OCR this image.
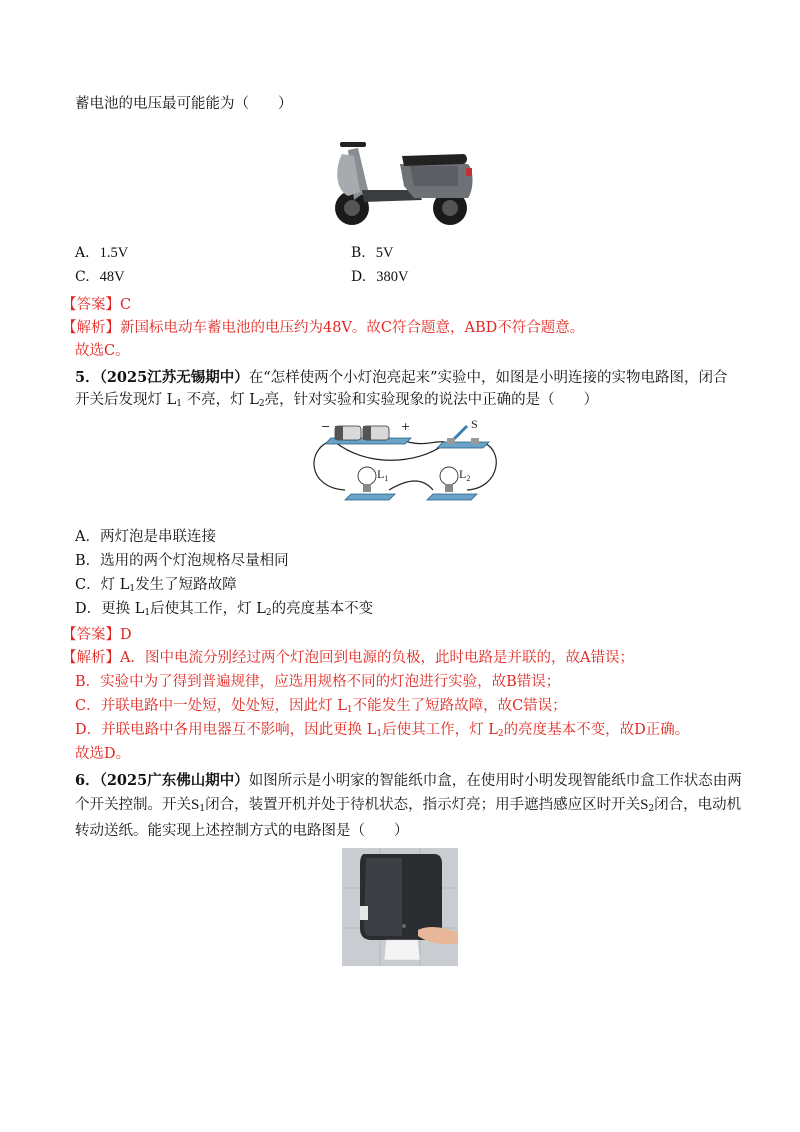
蓄电池的电压最可能能为（　　）
A. 1.5V	B. 5V
C. 48V	D. 380V
【答案】C
【解析】新国标电动车蓄电池的电压约为48V。故C符合题意，ABD不符合题意。
故选C。
5．（2025江苏无锡期中）在“怎样使两个小灯泡亮起来”实验中，如图是小明连接的实物电路图，闭合
开关后发现灯 $L_1$ 不亮，灯 $L_2$亮，针对实验和实验现象的说法中正确的是（　　）
−	+	S
$L_1$	$L_2$
A．两灯泡是串联连接
B．选用的两个灯泡规格尽量相同
C．灯 $L_1$发生了短路故障
D．更换 $L_1$后使其工作，灯 $L_2$的亮度基本不变
【答案】D
【解析】A．图中电流分别经过两个灯泡回到电源的负极，此时电路是并联的，故A错误；
B．实验中为了得到普遍规律，应选用规格不同的灯泡进行实验，故B错误；
C．并联电路中一处短，处处短，因此灯 $L_1$不能发生了短路故障，故C错误；
D．并联电路中各用电器互不影响，因此更换 $L_1$后使其工作，灯 $L_2$的亮度基本不变，故D正确。
故选D。
6．（2025广东佛山期中）如图所示是小明家的智能纸巾盒，在使用时小明发现智能纸巾盒工作状态由两
个开关控制。开关$S_1$闭合，装置开机并处于待机状态，指示灯亮；用手遮挡感应区时开关$S_2$闭合，电动机
转动送纸。能实现上述控制方式的电路图是（　　）
